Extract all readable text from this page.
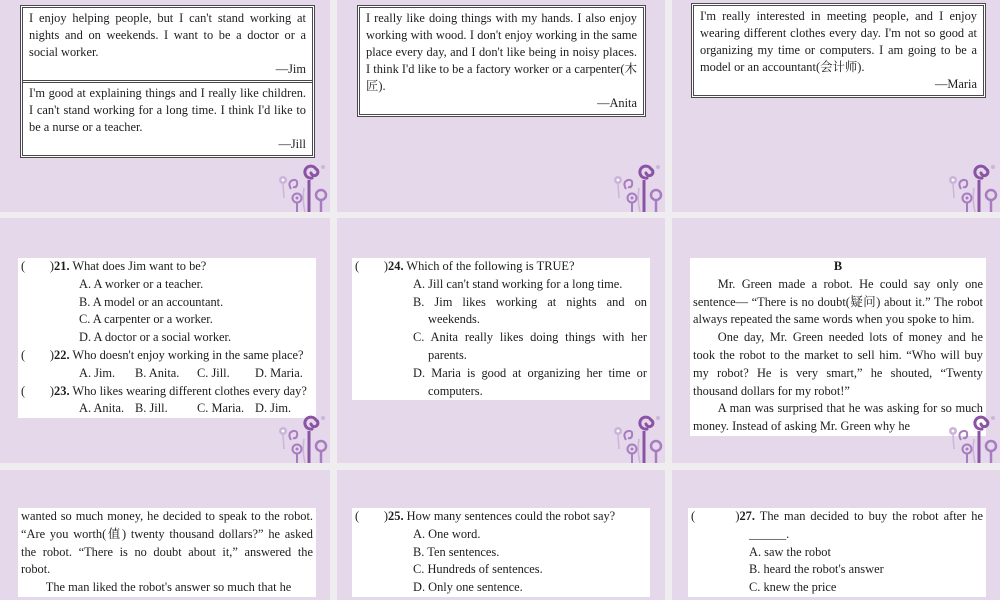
I enjoy helping people, but I can't stand working at nights and on weekends. I want to be a doctor or a social worker.

—Jim

I'm good at explaining things and I really like children. I can't stand working for a long time. I think I'd like to be a nurse or a teacher.

—Jill

I really like doing things with my hands. I also enjoy working with wood. I don't enjoy working in the same place every day, and I don't like being in noisy places. I think I'd like to be a factory worker or a carpenter(木匠).

—Anita

I'm really interested in meeting people, and I enjoy wearing different clothes every day. I'm not so good at organizing my time or computers. I am going to be a model or an accountant(会计师).

—Maria
(        )21. What does Jim want to be?
A. A worker or a teacher.
B. A model or an accountant.
C. A carpenter or a worker.
D. A doctor or a social worker.
(        )22. Who doesn't enjoy working in the same place?
A. Jim. B. Anita. C. Jill. D. Maria.
(        )23. Who likes wearing different clothes every day?
A. Anita. B. Jill. C. Maria. D. Jim.
(        )24. Which of the following is TRUE?
A. Jill can't stand working for a long time.
B. Jim likes working at nights and on weekends.
C. Anita really likes doing things with her parents.
D. Maria is good at organizing her time or computers.
B

Mr. Green made a robot. He could say only one sentence— “There is no doubt(疑问) about it.” The robot always repeated the same words when you spoke to him.

One day, Mr. Green needed lots of money and he took the robot to the market to sell him. “Who will buy my robot? He is very smart,” he shouted, “Twenty thousand dollars for my robot!”

A man was surprised that he was asking for so much money. Instead of asking Mr. Green why he

wanted so much money, he decided to speak to the robot. “Are you worth(值) twenty thousand dollars?” he asked the robot. “There is no doubt about it,” answered the robot.

The man liked the robot's answer so much that he

(        )25. How many sentences could the robot say?
A. One word.
B. Ten sentences.
C. Hundreds of sentences.
D. Only one sentence.
(        )27. The man decided to buy the robot after he ______.
A. saw the robot
B. heard the robot's answer
C. knew the price
